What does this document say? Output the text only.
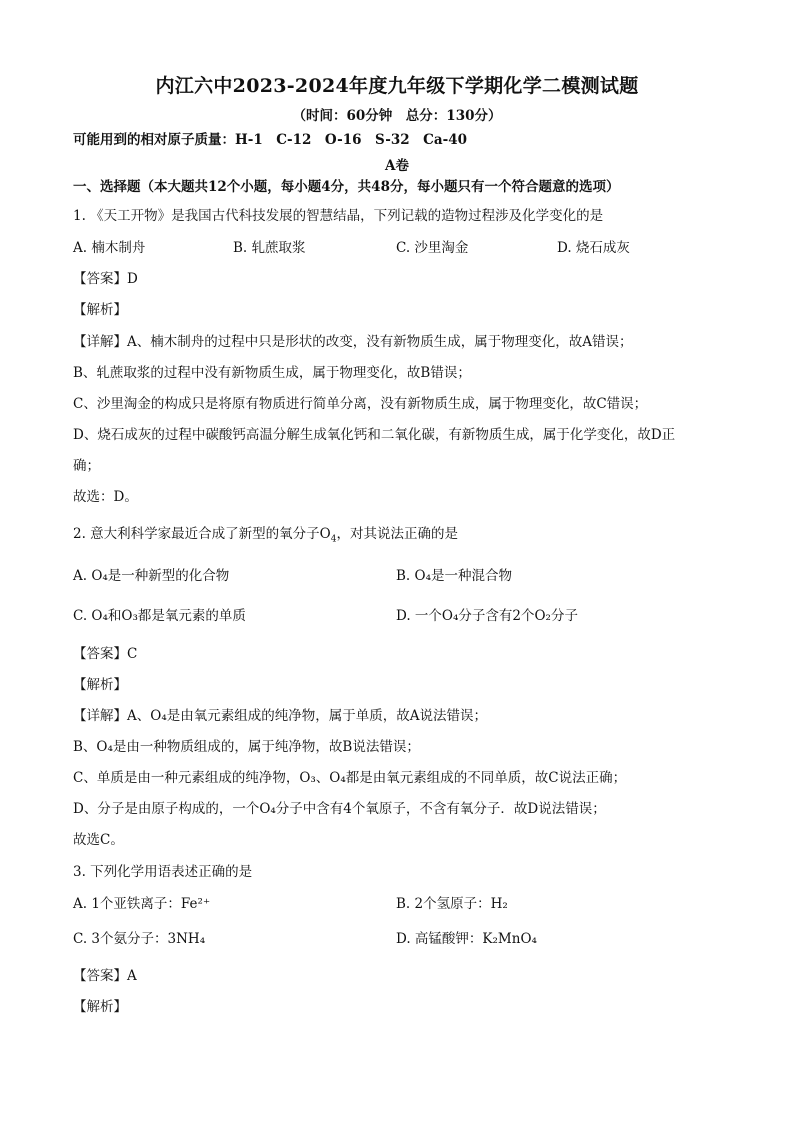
内江六中2023-2024年度九年级下学期化学二模测试题
（时间：60分钟　总分：130分）
可能用到的相对原子质量：H-1　C-12　O-16　S-32　Ca-40
A卷
一、选择题（本大题共12个小题，每小题4分，共48分，每小题只有一个符合题意的选项）
1. 《天工开物》是我国古代科技发展的智慧结晶，下列记载的造物过程涉及化学变化的是
A. 楠木制舟	B. 轧蔗取浆	C. 沙里淘金	D. 烧石成灰
【答案】D
【解析】
【详解】A、楠木制舟的过程中只是形状的改变，没有新物质生成，属于物理变化，故A错误；
B、轧蔗取浆的过程中没有新物质生成，属于物理变化，故B错误；
C、沙里淘金的构成只是将原有物质进行简单分离，没有新物质生成，属于物理变化，故C错误；
D、烧石成灰的过程中碳酸钙高温分解生成氧化钙和二氧化碳，有新物质生成，属于化学变化，故D正
确；
故选：D。
2. 意大利科学家最近合成了新型的氧分子$O_4$，对其说法正确的是
A. O₄是一种新型的化合物	B. O₄是一种混合物
C. O₄和O₃都是氧元素的单质	D. 一个O₄分子含有2个O₂分子
【答案】C
【解析】
【详解】A、O₄是由氧元素组成的纯净物，属于单质，故A说法错误；
B、O₄是由一种物质组成的，属于纯净物，故B说法错误；
C、单质是由一种元素组成的纯净物，O₃、O₄都是由氧元素组成的不同单质，故C说法正确；
D、分子是由原子构成的，一个O₄分子中含有4个氧原子，不含有氧分子．故D说法错误；
故选C。
3. 下列化学用语表述正确的是
A. 1个亚铁离子：Fe²⁺	B. 2个氢原子：H₂
C. 3个氨分子：3NH₄	D. 高锰酸钾：K₂MnO₄
【答案】A
【解析】
